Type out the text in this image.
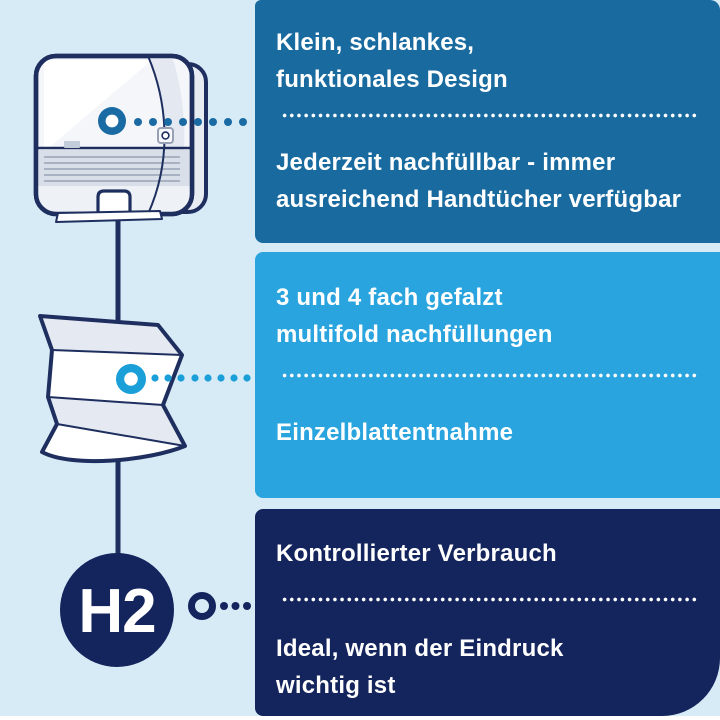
Klein, schlankes,
funktionales Design
Jederzeit nachfüllbar - immer
ausreichend Handtücher verfügbar
3 und 4 fach gefalzt
multifold nachfüllungen
Einzelblattentnahme
Kontrollierter Verbrauch
Ideal, wenn der Eindruck
wichtig ist
H2
